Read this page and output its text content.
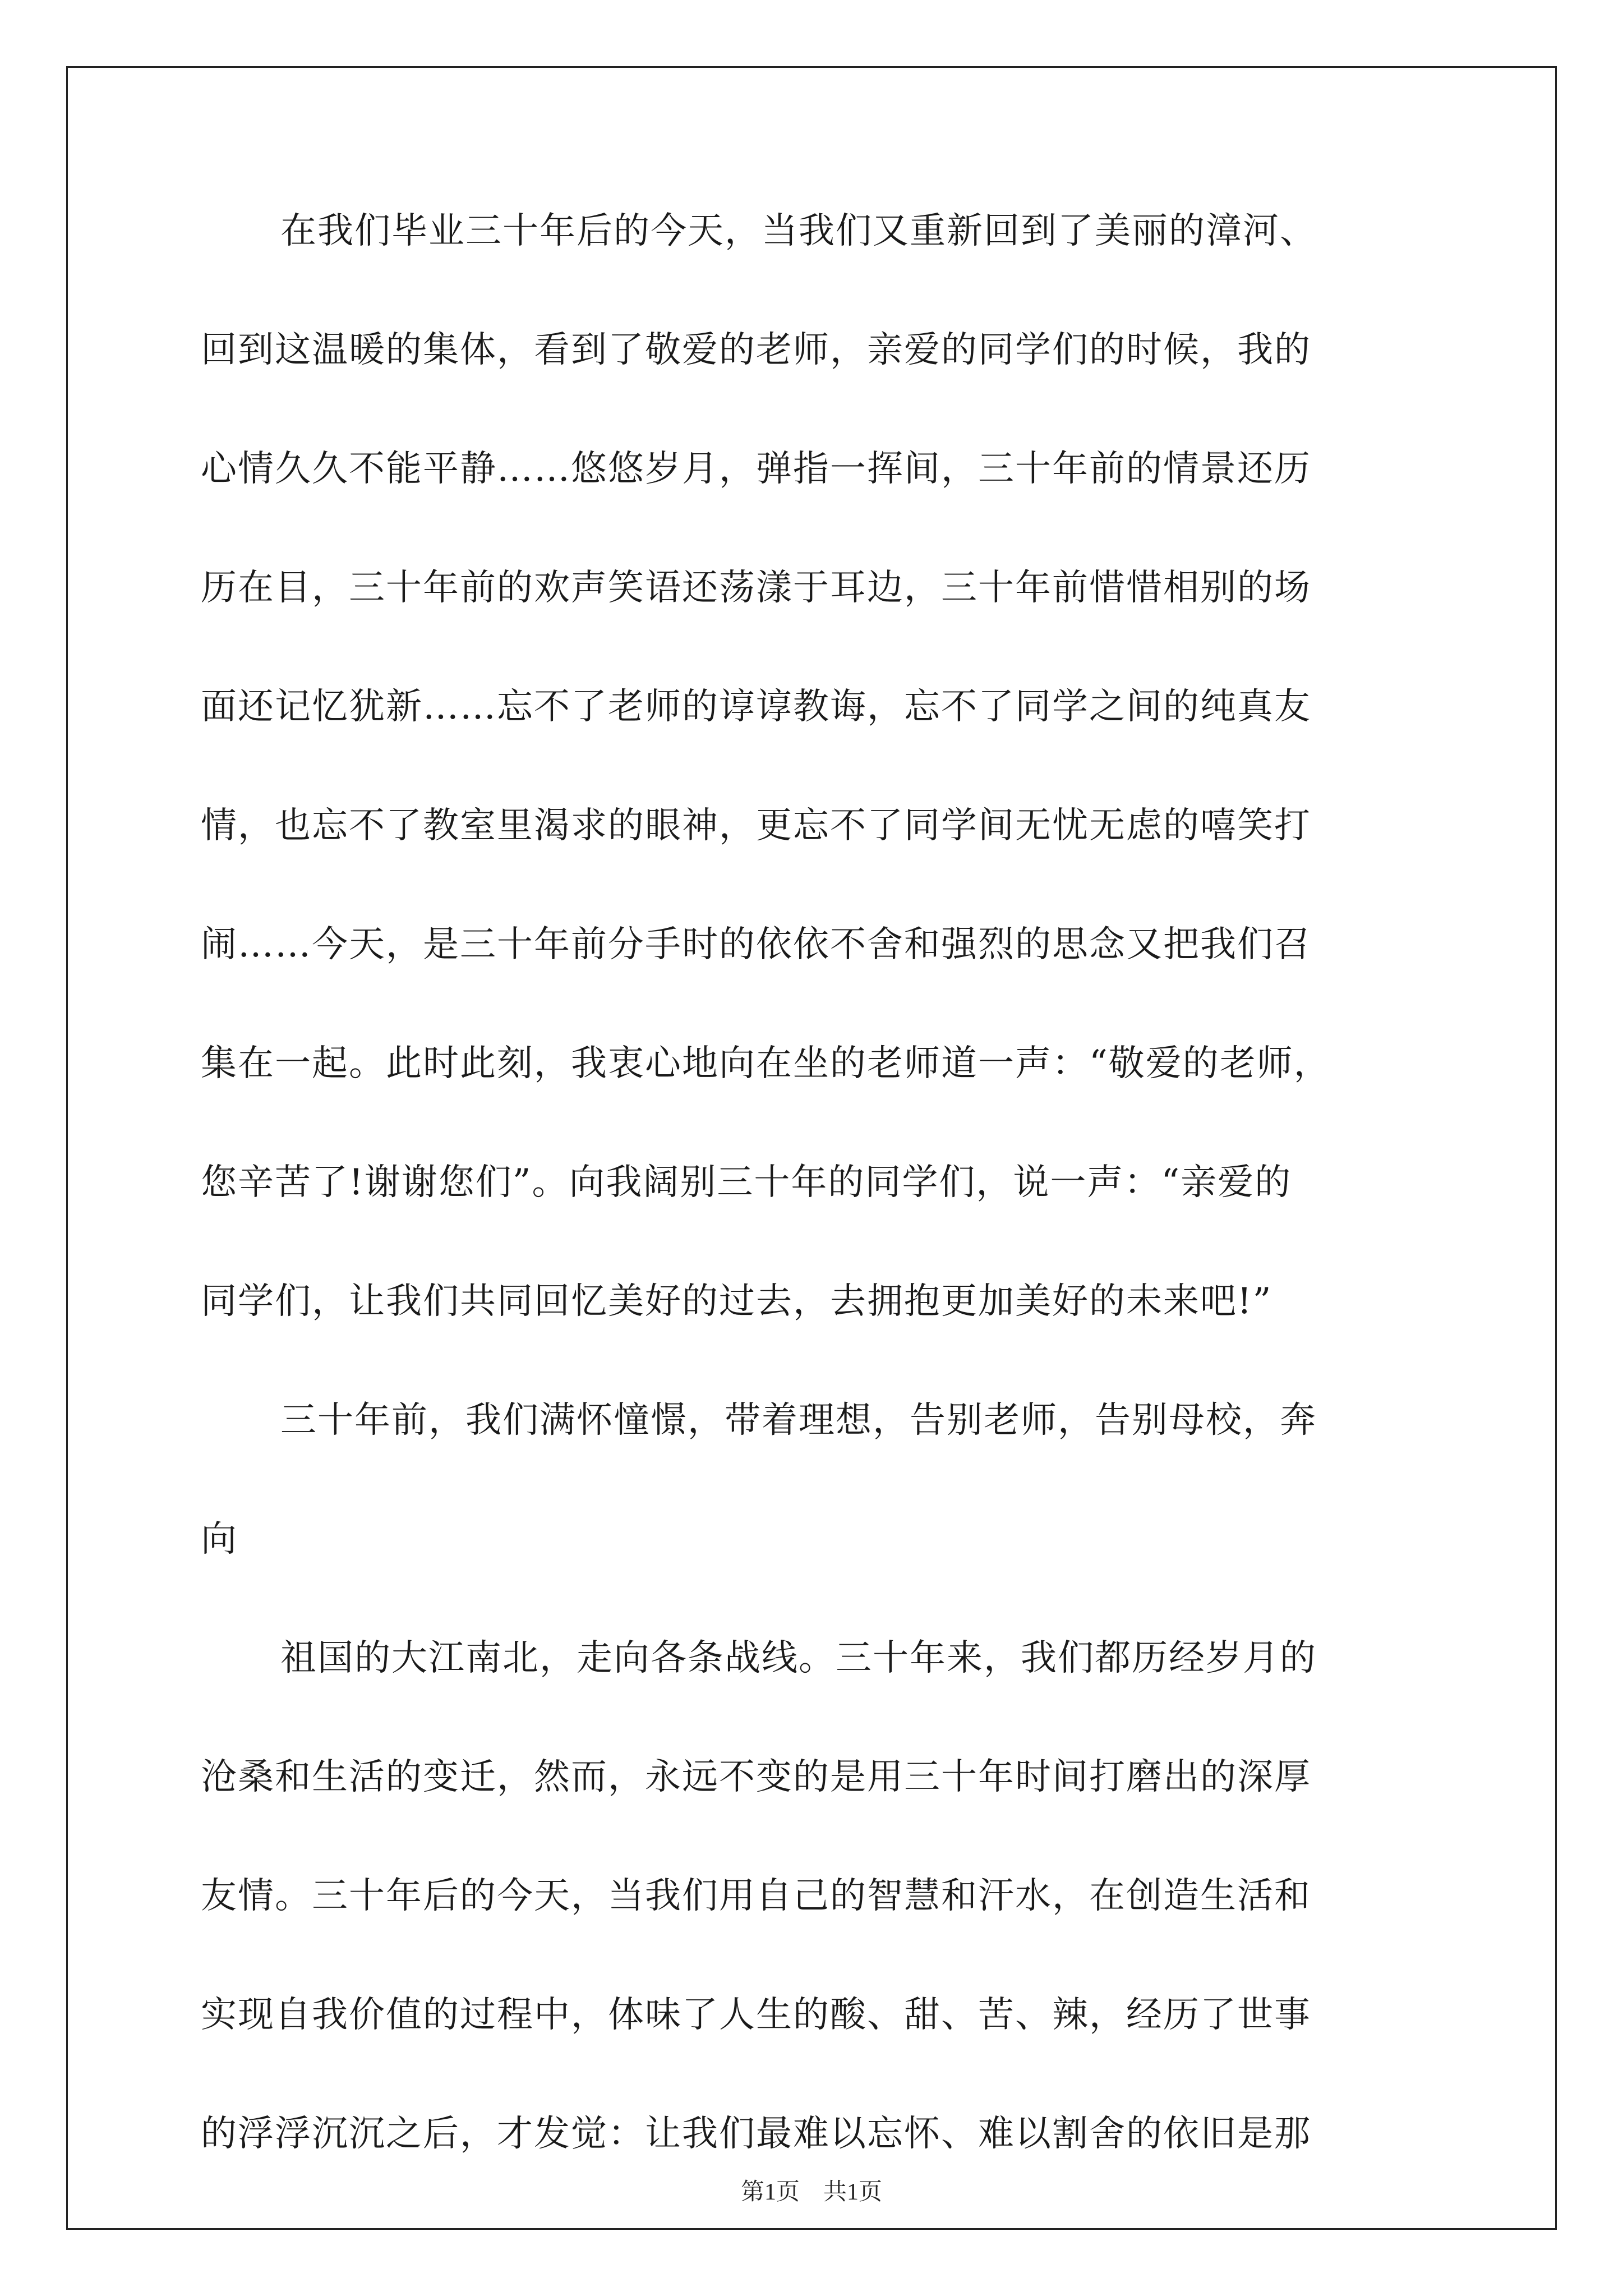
在我们毕业三十年后的今天，当我们又重新回到了美丽的漳河、
回到这温暖的集体，看到了敬爱的老师，亲爱的同学们的时候，我的
心情久久不能平静……悠悠岁月，弹指一挥间，三十年前的情景还历
历在目，三十年前的欢声笑语还荡漾于耳边，三十年前惜惜相别的场
面还记忆犹新……忘不了老师的谆谆教诲，忘不了同学之间的纯真友
情，也忘不了教室里渴求的眼神，更忘不了同学间无忧无虑的嘻笑打
闹……今天，是三十年前分手时的依依不舍和强烈的思念又把我们召
集在一起。此时此刻，我衷心地向在坐的老师道一声：“敬爱的老师，
您辛苦了!谢谢您们”。向我阔别三十年的同学们，说一声：“亲爱的
同学们，让我们共同回忆美好的过去，去拥抱更加美好的未来吧!”
三十年前，我们满怀憧憬，带着理想，告别老师，告别母校，奔
向
祖国的大江南北，走向各条战线。三十年来，我们都历经岁月的
沧桑和生活的变迁，然而，永远不变的是用三十年时间打磨出的深厚
友情。三十年后的今天，当我们用自己的智慧和汗水，在创造生活和
实现自我价值的过程中，体味了人生的酸、甜、苦、辣，经历了世事
的浮浮沉沉之后，才发觉：让我们最难以忘怀、难以割舍的依旧是那
第1页　共1页
